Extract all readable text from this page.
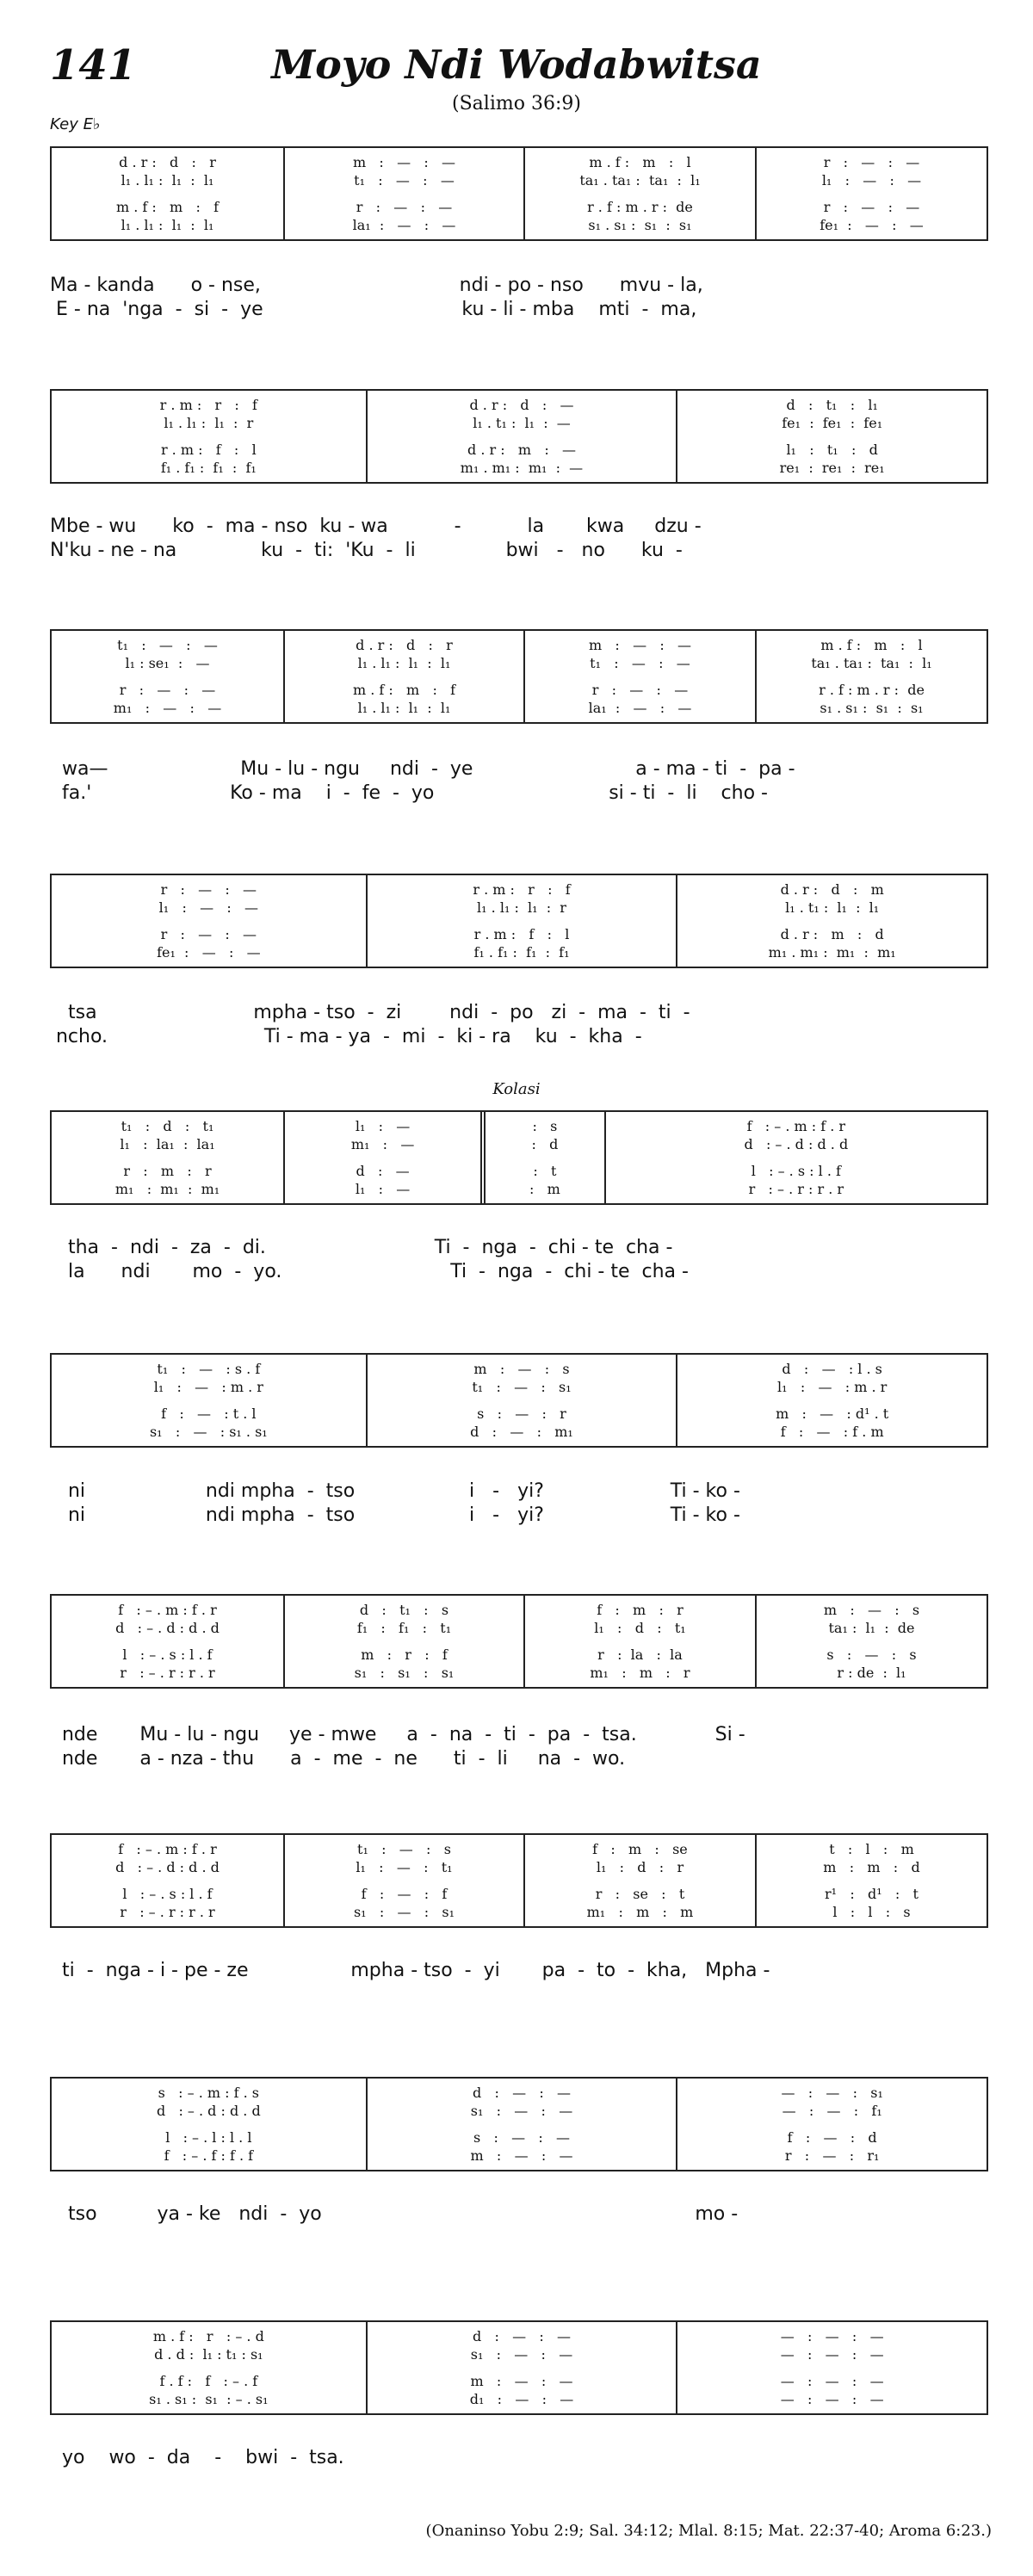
141	Moyo Ndi Wodabwitsa
(Salimo 36:9)
Key E♭
Kolasi
d . r :   d   :   r
l₁ . l₁ :  l₁  :  l₁
m . f :   m   :   f
l₁ . l₁ :  l₁  :  l₁
m   :   —   :   —
t₁   :   —   :   —
r   :   —   :   —
la₁  :   —   :   —
m . f :   m   :   l
ta₁ . ta₁ :  ta₁  :  l₁
r . f : m . r :  de
s₁ . s₁ :  s₁  :  s₁
r   :   —   :   —
l₁   :   —   :   —
r   :   —   :   —
fe₁  :   —   :   —
Ma - kanda      o - nse,                                 ndi - po - nso      mvu - la,
E - na  'nga  -  si  -  ye                                 ku - li - mba    mti  -  ma,
r . m :   r   :   f
l₁ . l₁ :  l₁  :  r
r . m :   f   :   l
f₁ . f₁ :  f₁  :  f₁
d . r :   d   :   —
l₁ . t₁ :  l₁  :  —
d . r :   m   :   —
m₁ . m₁ :  m₁  :  —
d   :   t₁   :   l₁
fe₁  :  fe₁  :  fe₁
l₁   :   t₁   :   d
re₁  :  re₁  :  re₁
Mbe - wu      ko  -  ma - nso  ku - wa           -           la       kwa     dzu -
N'ku - ne - na              ku  -  ti:  'Ku  -  li               bwi   -   no      ku  -
t₁   :   —   :   —
l₁ : se₁  :   —
r   :   —   :   —
m₁   :   —   :   —
d . r :   d   :   r
l₁ . l₁ :  l₁  :  l₁
m . f :   m   :   f
l₁ . l₁ :  l₁  :  l₁
m   :   —   :   —
t₁   :   —   :   —
r   :   —   :   —
la₁  :   —   :   —
m . f :   m   :   l
ta₁ . ta₁ :  ta₁  :  l₁
r . f : m . r :  de
s₁ . s₁ :  s₁  :  s₁
wa—                      Mu - lu - ngu     ndi  -  ye                           a - ma - ti  -  pa -
fa.'                       Ko - ma    i  -  fe  -  yo                             si - ti  -  li    cho -
r   :   —   :   —
l₁   :   —   :   —
r   :   —   :   —
fe₁  :   —   :   —
r . m :   r   :   f
l₁ . l₁ :  l₁  :  r
r . m :   f   :   l
f₁ . f₁ :  f₁  :  f₁
d . r :   d   :   m
l₁ . t₁ :  l₁  :  l₁
d . r :   m   :   d
m₁ . m₁ :  m₁  :  m₁
tsa                          mpha - tso  -  zi        ndi  -  po   zi  -  ma  -  ti  -
ncho.                          Ti - ma - ya  -  mi  -  ki - ra    ku  -  kha  -
t₁   :   d   :   t₁
l₁   :  la₁  :  la₁
r   :   m   :   r
m₁   :  m₁  :  m₁
l₁   :   —
m₁   :   —
d   :   —
l₁   :   —
:   s
:   d
:   t
:   m
f   : – . m : f . r
d   : – . d : d . d
l   : – . s : l . f
r   : – . r : r . r
tha  -  ndi  -  za  -  di.                            Ti  -  nga  -  chi - te  cha -
la      ndi       mo  -  yo.                            Ti  -  nga  -  chi - te  cha -
t₁   :   —   : s . f
l₁   :   —   : m . r
f   :   —   : t . l
s₁   :   —   : s₁ . s₁
m   :   —   :   s
t₁   :   —   :   s₁
s   :   —   :   r
d   :   —   :   m₁
d   :   —   : l . s
l₁   :   —   : m . r
m   :   —   : d¹ . t
f   :   —   : f . m
ni                    ndi mpha  -  tso                   i   -   yi?                     Ti - ko -
ni                    ndi mpha  -  tso                   i   -   yi?                     Ti - ko -
f   : – . m : f . r
d   : – . d : d . d
l   : – . s : l . f
r   : – . r : r . r
d   :   t₁   :   s
f₁   :   f₁   :   t₁
m   :   r   :   f
s₁   :   s₁   :   s₁
f   :   m   :   r
l₁   :   d   :   t₁
r   :  la   :  la
m₁   :   m   :   r
m   :   —   :   s
ta₁ :  l₁  :  de
s   :   —   :   s
r : de  :  l₁
nde       Mu - lu - ngu     ye - mwe     a  -  na  -  ti  -  pa  -  tsa.             Si -
nde       a - nza - thu      a  -  me  -  ne      ti  -  li     na  -  wo.
f   : – . m : f . r
d   : – . d : d . d
l   : – . s : l . f
r   : – . r : r . r
t₁   :   —   :   s
l₁   :   —   :   t₁
f   :   —   :   f
s₁   :   —   :   s₁
f   :   m   :   se
l₁   :   d   :   r
r   :   se   :   t
m₁   :   m   :   m
t   :   l   :   m
m   :   m   :   d
r¹   :   d¹   :   t
l   :   l   :   s
ti  -  nga - i - pe - ze                 mpha - tso  -  yi       pa  -  to  -  kha,   Mpha -
s   : – . m : f . s
d   : – . d : d . d
l   : – . l : l . l
f   : – . f : f . f
d   :   —   :   —
s₁   :   —   :   —
s   :   —   :   —
m   :   —   :   —
—   :   —   :   s₁
—   :   —   :   f₁
f   :   —   :   d
r   :   —   :   r₁
tso          ya - ke   ndi  -  yo                                                              mo -
m . f :   r   : – . d
d . d :  l₁ : t₁ : s₁
f . f :   f   : – . f
s₁ . s₁ :  s₁  : – . s₁
d   :   —   :   —
s₁   :   —   :   —
m   :   —   :   —
d₁   :   —   :   —
—   :   —   :   —
—   :   —   :   —
—   :   —   :   —
—   :   —   :   —
yo    wo  -  da    -    bwi  -  tsa.
(Onaninso Yobu 2:9; Sal. 34:12; Mlal. 8:15; Mat. 22:37-40; Aroma 6:23.)
